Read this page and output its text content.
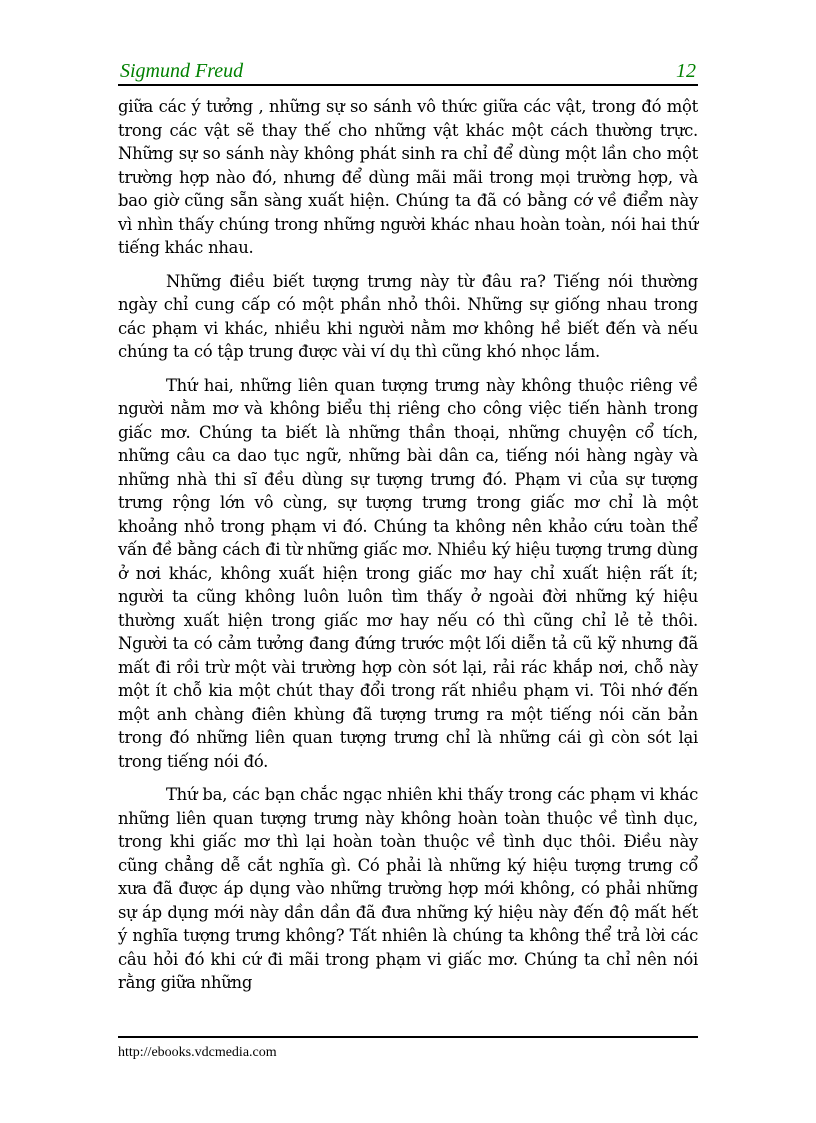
Sigmund Freud	12

giữa các ý tưởng , những sự so sánh vô thức giữa các vật, trong đó một trong các vật sẽ thay thế cho những vật khác một cách thường trực. Những sự so sánh này không phát sinh ra chỉ để dùng một lần cho một trường hợp nào đó, nhưng để dùng mãi mãi trong mọi trường hợp, và bao giờ cũng sẵn sàng xuất hiện. Chúng ta đã có bằng cớ về điểm này vì nhìn thấy chúng trong những người khác nhau hoàn toàn, nói hai thứ tiếng khác nhau.

Những điều biết tượng trưng này từ đâu ra? Tiếng nói thường ngày chỉ cung cấp có một phần nhỏ thôi. Những sự giống nhau trong các phạm vi khác, nhiều khi người nằm mơ không hề biết đến và nếu chúng ta có tập trung được vài ví dụ thì cũng khó nhọc lắm.

Thứ hai, những liên quan tượng trưng này không thuộc riêng về người nằm mơ và không biểu thị riêng cho công việc tiến hành trong giấc mơ. Chúng ta biết là những thần thoại, những chuyện cổ tích, những câu ca dao tục ngữ, những bài dân ca, tiếng nói hàng ngày và những nhà thi sĩ đều dùng sự tượng trưng đó. Phạm vi của sự tượng trưng rộng lớn vô cùng, sự tượng trưng trong giấc mơ chỉ là một khoảng nhỏ trong phạm vi đó. Chúng ta không nên khảo cứu toàn thể vấn đề bằng cách đi từ những giấc mơ. Nhiều ký hiệu tượng trưng dùng ở nơi khác, không xuất hiện trong giấc mơ hay chỉ xuất hiện rất ít; người ta cũng không luôn luôn tìm thấy ở ngoài đời những ký hiệu thường xuất hiện trong giấc mơ hay nếu có thì cũng chỉ lẻ tẻ thôi. Người ta có cảm tưởng đang đứng trước một lối diễn tả cũ kỹ nhưng đã mất đi rồi trừ một vài trường hợp còn sót lại, rải rác khắp nơi, chỗ này một ít chỗ kia một chút thay đổi trong rất nhiều phạm vi. Tôi nhớ đến một anh chàng điên khùng đã tượng trưng ra một tiếng nói căn bản trong đó những liên quan tượng trưng chỉ là những cái gì còn sót lại trong tiếng nói đó.

Thứ ba, các bạn chắc ngạc nhiên khi thấy trong các phạm vi khác những liên quan tượng trưng này không hoàn toàn thuộc về tình dục, trong khi giấc mơ thì lại hoàn toàn thuộc về tình dục thôi. Điều này cũng chẳng dễ cắt nghĩa gì. Có phải là những ký hiệu tượng trưng cổ xưa đã được áp dụng vào những trường hợp mới không, có phải những sự áp dụng mới này dần dần đã đưa những ký hiệu này đến độ mất hết ý nghĩa tượng trưng không? Tất nhiên là chúng ta không thể trả lời các câu hỏi đó khi cứ đi mãi trong phạm vi giấc mơ. Chúng ta chỉ nên nói rằng giữa những

http://ebooks.vdcmedia.com
